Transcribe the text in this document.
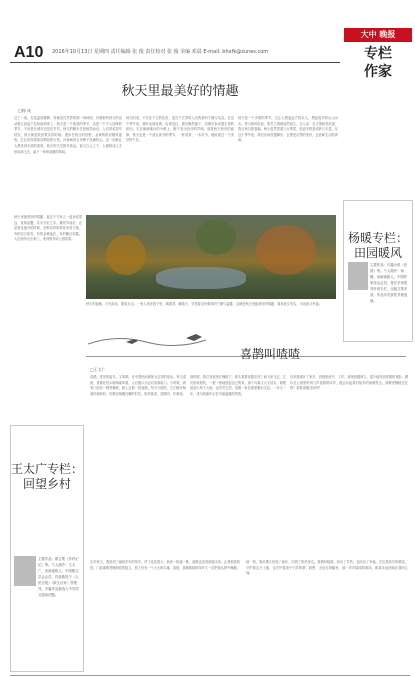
A10 2016年10月13日 星期四 责任编辑 张 俊 责任校对 张 俊 美编 邓晨 E-mail: bhxfk@zunes.com
大中 晚报
专栏
作家
秋天里最美好的情趣
□杨 成
过了一周，先是温度骤降，再就是自然界的那一场秋雨，仿佛那些秋天的活动就已经迫不及待地到来了。秋天是一个收获的季节，也是一个令人回味的季节。不论是在城市还是在乡村，秋天的脚步总是悄然而至。人们常说春华秋实，秋天就是收获果实的时候。漫步在秋日的田野，金黄的稻谷随风摇曳，红红的高粱如同燃烧的火把，沉甸甸的玉米棒子挂满枝头。这一切都让人感受到丰收的喜悦。秋天的天空格外高远，蓝天白云之下，大雁排成人字形向南飞去，留下一串串清脆的鸣叫。
秋天的美，不仅在于它的色彩，更在于它带给人们的那份宁静与从容。在这个季节里，树叶由绿变黄，由黄变红，最后飘然落下，仿佛在诉说着生命的轮回。走在铺满落叶的小路上，脚下发出沙沙的声响，那是秋天独有的旋律。秋天也是一个适合读书的季节，一杯清茶，一本好书，便能度过一个美好的午后。
秋天是一个多情的季节，它让人想起远方的亲人，想起故乡的山山水水。每当秋风吹起，思乡之情便油然而生。古人说：自古逢秋悲寂寥，我言秋日胜春朝。秋天虽然带着几分萧瑟，但更多的是成熟与丰盈。在这个季节里，我们应该放慢脚步，去感受自然的美好，去品味生活的真谛。
秋天里最美好的情趣，莫过于与家人一起登高望远，赏菊品蟹，共享天伦之乐。重阳节前后，正是菊花盛开的时候，各种各样的菊花争奇斗艳，有的洁白如雪，有的金黄灿烂，有的紫红如霞。人们纷纷走出家门，来到郊外或公园赏菊。
秋天的夜晚，月光如水，繁星点点。一家人坐在院子里，喝着茶，聊着天，享受着这份难得的宁静与温馨。这就是秋天里最美好的情趣，简单而又充实，平淡而又幸福。
杨暖专栏：
田园暖风
主要作品：长篇小说《田园》等。个人简介：杨暖，河南南阳人，中国作家协会会员，曾在多家报刊开设专栏，出版文集多部，作品多次获奖并被选载。
喜鹊叫喳喳
□王太广
喜鹊，常见的留鸟，又叫鹊，在中国民间被视为吉祥的象征。每当清晨，喜鹊在枝头喳喳地叫着，人们便认为会有喜事临门。小时候，我家门前有一棵老槐树，树上住着一窝喜鹊。每天天刚亮，它们就开始欢快地鸣叫，仿佛在唤醒沉睡的村庄。奶奶常说，喜鹊叫，好事到。
那时候，我总喜欢坐在槐树下，仰头看着喜鹊在枝丫间飞来飞去。它们衔来树枝，一根一根地搭起自己的家。那个鸟巢又大又结实，即便是刮大风下大雨，也安然无恙。喜鹊一家在那里繁衍生息，一年又一年，成为我童年记忆中最温暖的风景。
后来我离开了家乡，到城里读书、工作。城里高楼林立，很少能见到喜鹊的身影。偶尔在公园里听到几声喜鹊的叫声，便会勾起我对故乡的深深思念。那棵老槐树还在吗？那窝喜鹊还好吗？
去年秋天，我回到了阔别多年的家乡。村子变化很大，新房一栋接一栋，道路也变得宽阔平坦。让我惊喜的是，门前那棵老槐树依然挺立，树上仍有一个大大的鸟巢。清晨，喜鹊喳喳的叫声又一次把我从梦中唤醒。
那一刻，我仿佛又回到了童年，回到了奶奶身边。喜鹊叫喳喳，叫出了乡愁，也叫出了幸福。它们是故乡的精灵，守护着这片土地，也守护着游子归乡的梦。我想，无论走到哪里，那一声声喳喳的鸣叫，都将永远回响在我的心间。
王太广专栏：
回望乡村
主要作品：散文集《乡村记忆》等。个人简介：王太广，河南南阳人，中国散文学会会员，作品散见于《人民日报》《散文百家》等报刊，多篇作品被选入中学语文阅读试题。
